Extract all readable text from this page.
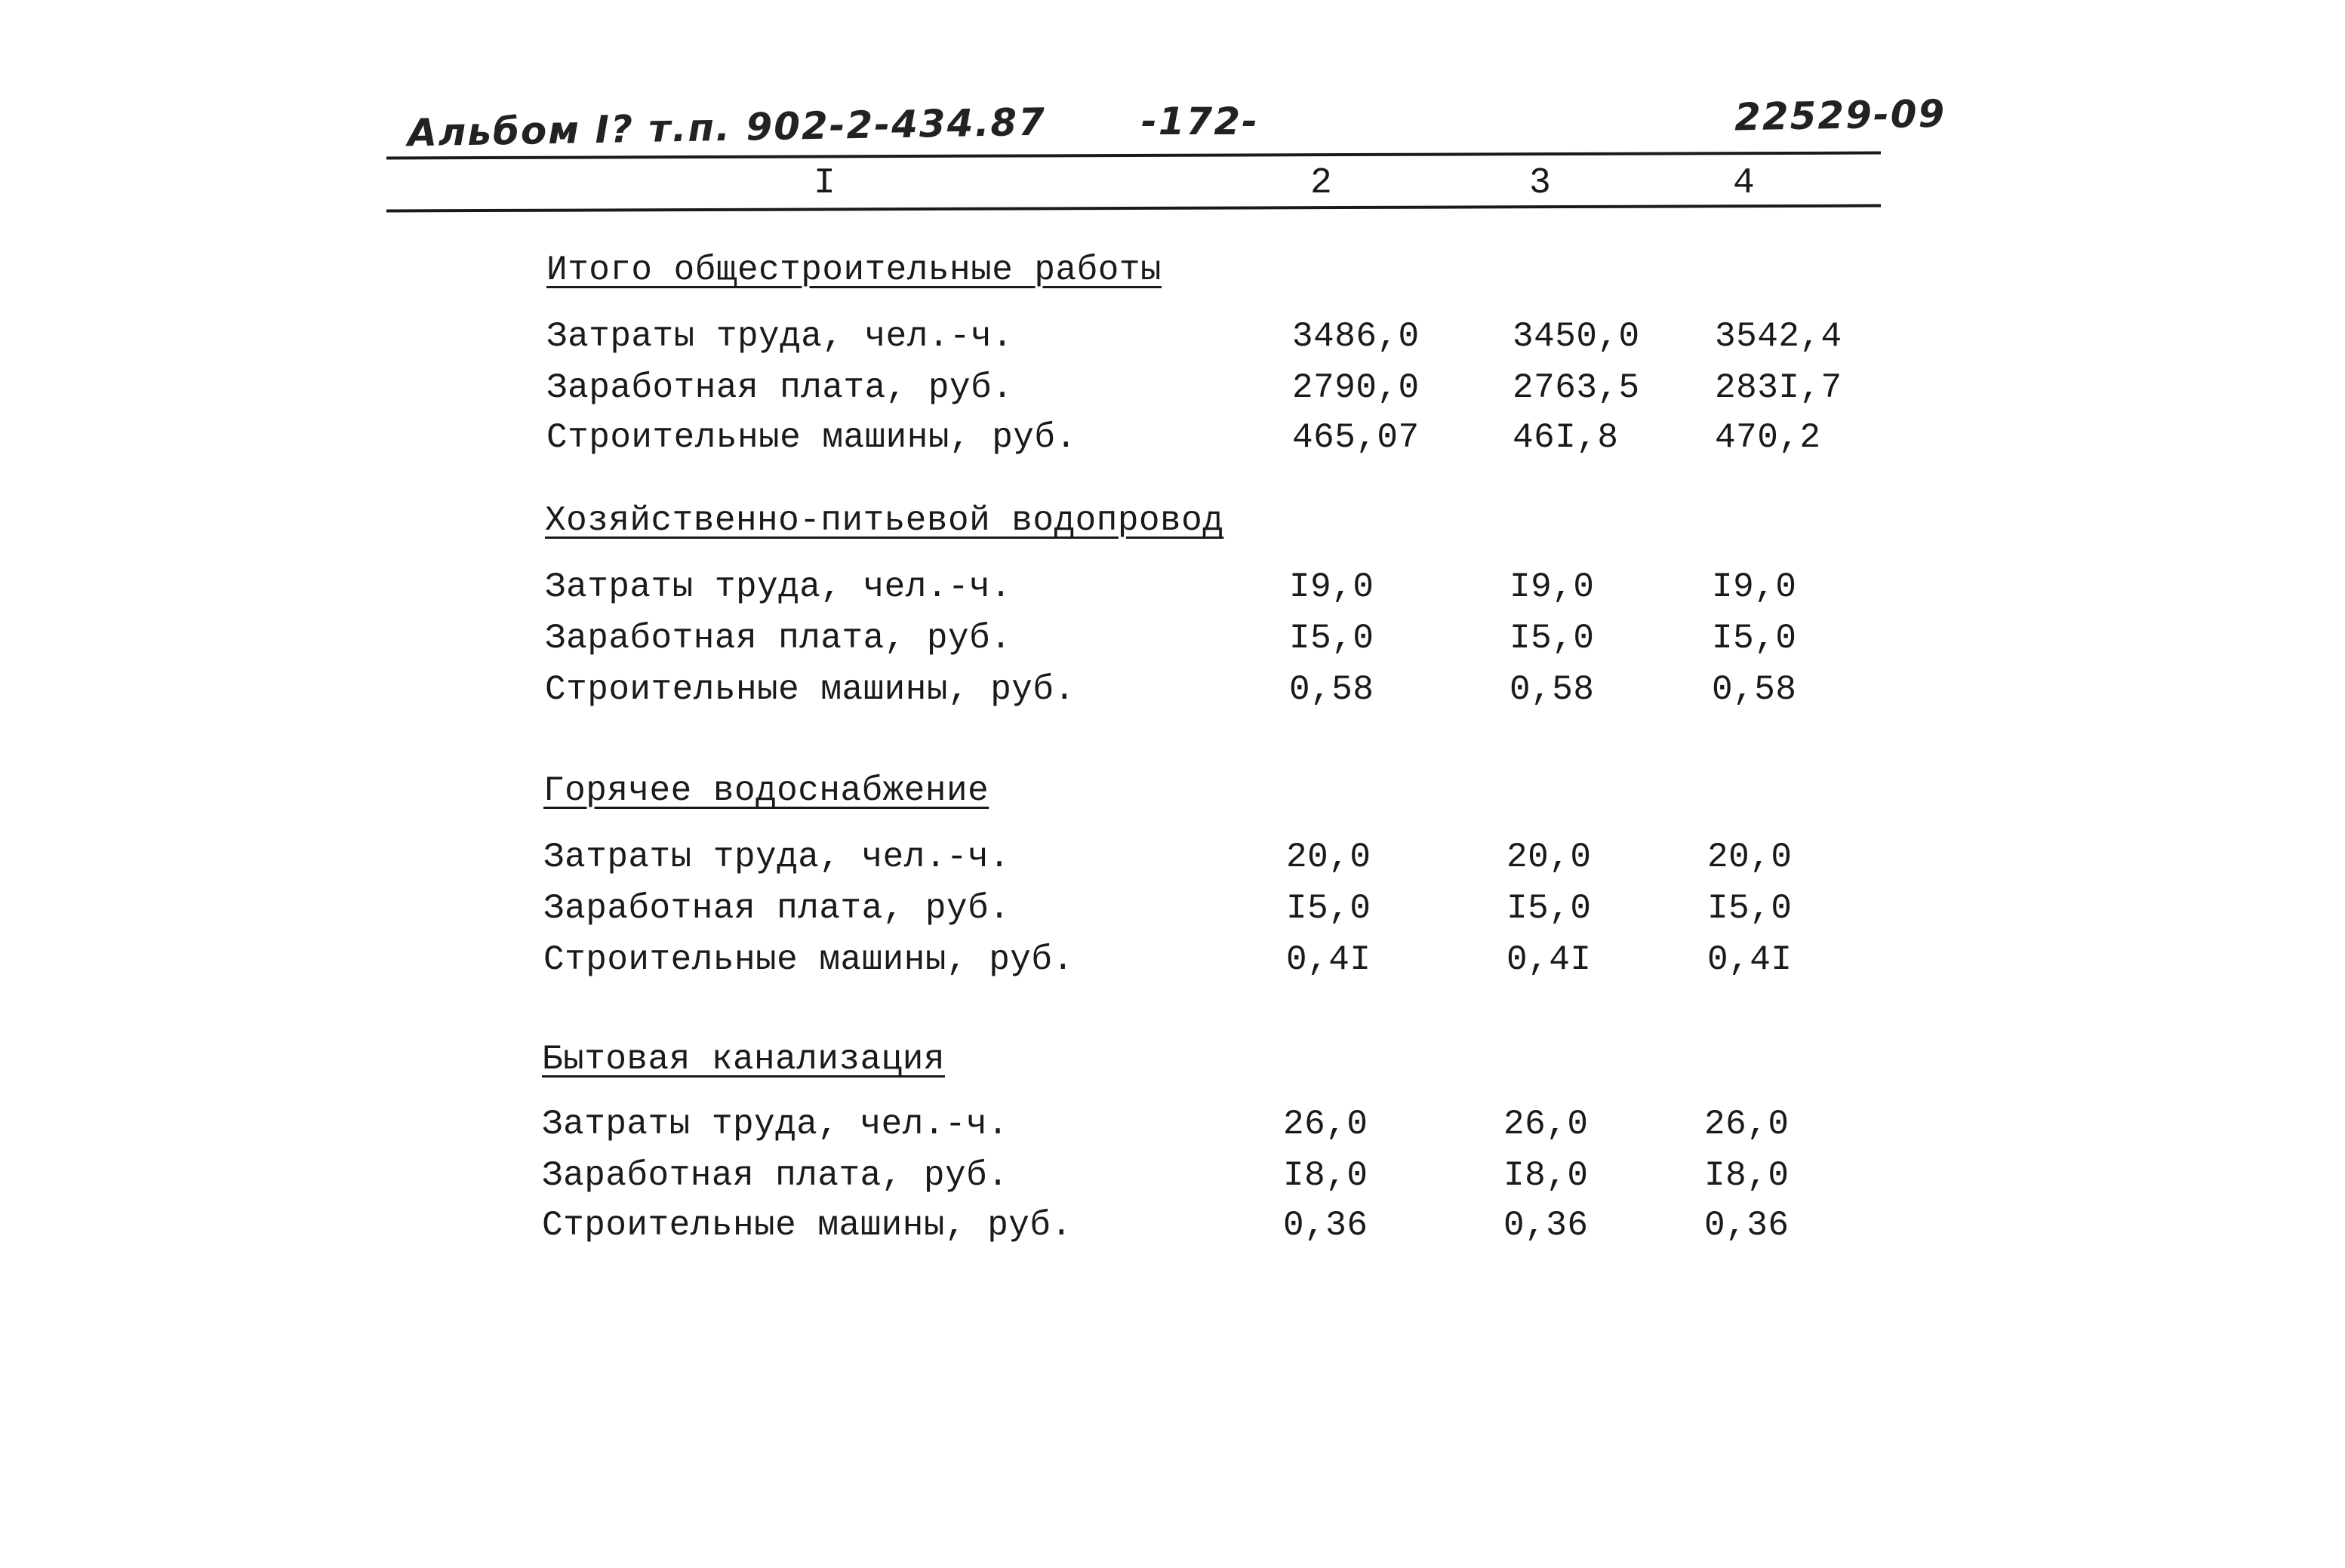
Альбом I? т.п. 902-2-434.87	-172-	22529-09
I	2	3	4
Итого общестроительные работы
Затраты труда, чел.-ч.	3486,0	3450,0 3542,4
Заработная плата, руб.	2790,0	2763,5 283I,7
Строительные машины, руб.	465,07	46I,8	470,2
Хозяйственно-питьевой водопровод
Затраты труда, чел.-ч.	I9,0	I9,0	I9,0
Заработная плата, руб.	I5,0	I5,0	I5,0
Строительные машины, руб.	0,58	0,58	0,58
Горячее водоснабжение
Затраты труда, чел.-ч.	20,0	20,0	20,0
Заработная плата, руб.	I5,0	I5,0	I5,0
Строительные машины, руб.	0,4I	0,4I	0,4I
Бытовая канализация
Затраты труда, чел.-ч.	26,0	26,0	26,0
Заработная плата, руб.	I8,0	I8,0	I8,0
Строительные машины, руб.	0,36	0,36	0,36
